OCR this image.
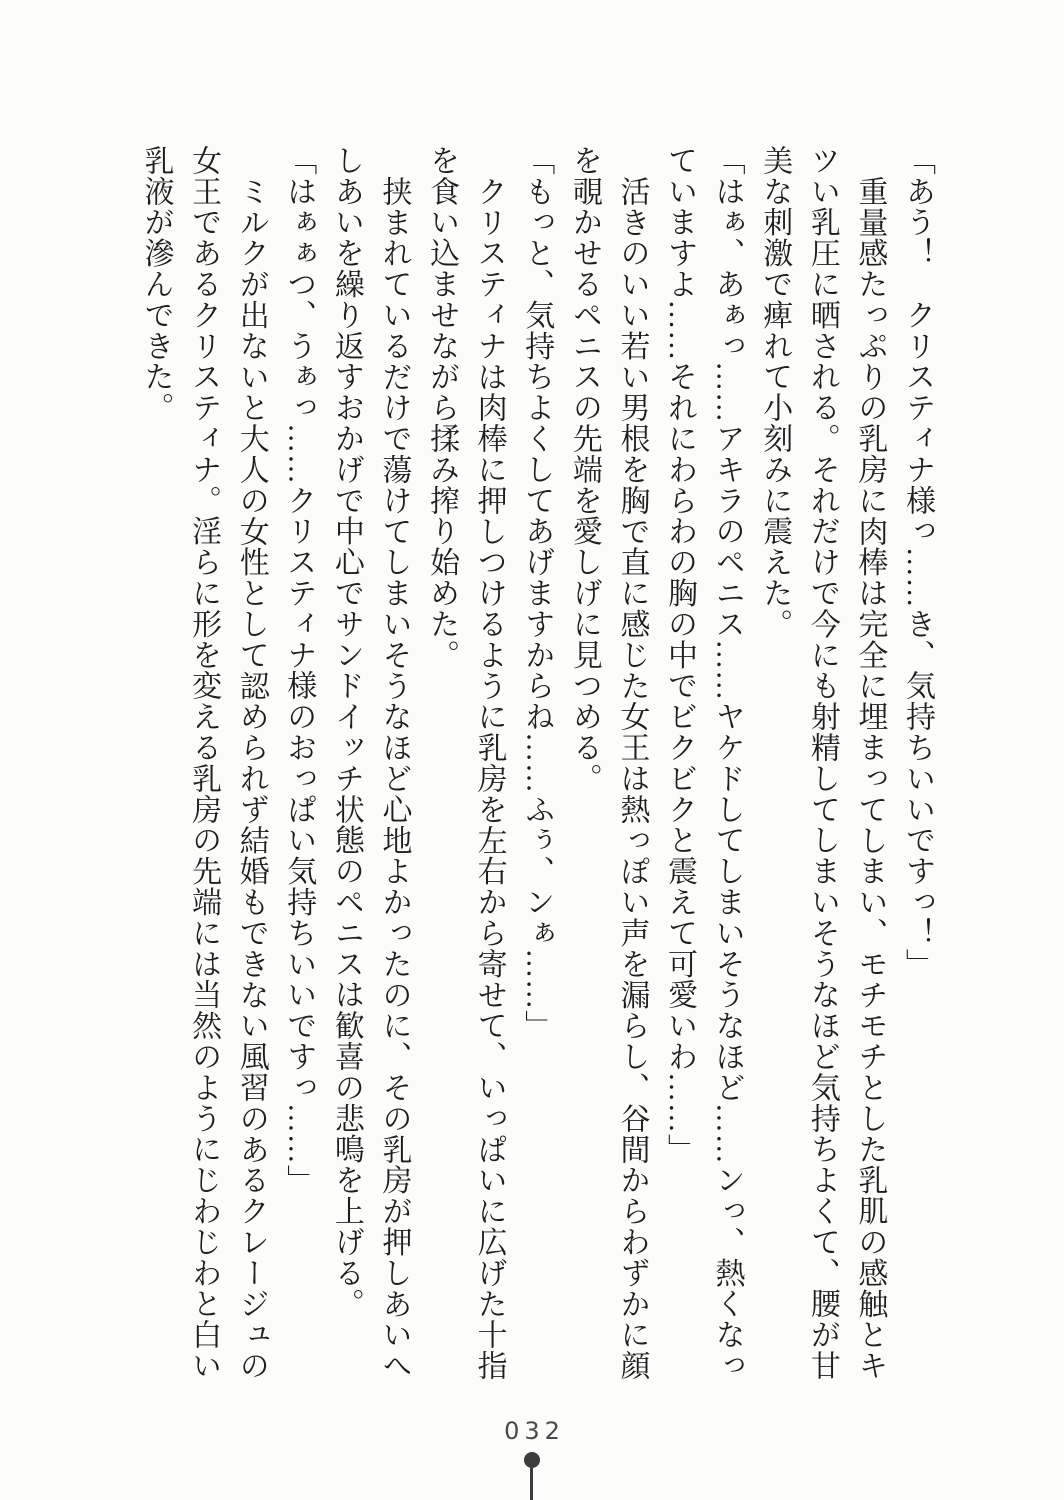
「あう！　クリスティナ様っ……き、気持ちいいですっ！」

重量感たっぷりの乳房に肉棒は完全に埋まってしまい、モチモチとした乳肌の感触とキツい乳圧に晒される。それだけで今にも射精してしまいそうなほど気持ちよくて、腰が甘美な刺激で痺れて小刻みに震えた。

「はぁ、あぁっ……アキラのペニス……ヤケドしてしまいそうなほど……ンっ、熱くなっていますよ……それにわらわの胸の中でビクビクと震えて可愛いわ……」

活きのいい若い男根を胸で直に感じた女王は熱っぽい声を漏らし、谷間からわずかに顔を覗かせるペニスの先端を愛しげに見つめる。

「もっと、気持ちよくしてあげますからね……ふぅ、ンぁ……」

クリスティナは肉棒に押しつけるように乳房を左右から寄せて、いっぱいに広げた十指を食い込ませながら揉み搾り始めた。

挟まれているだけで蕩けてしまいそうなほど心地よかったのに、その乳房が押しあいへしあいを繰り返すおかげで中心でサンドイッチ状態のペニスは歓喜の悲鳴を上げる。

「はぁぁつ、うぁっ……クリスティナ様のおっぱい気持ちいいですっ……」

ミルクが出ないと大人の女性として認められず結婚もできない風習のあるクレージュの女王であるクリスティナ。淫らに形を変える乳房の先端には当然のようにじわじわと白い乳液が滲んできた。

032
